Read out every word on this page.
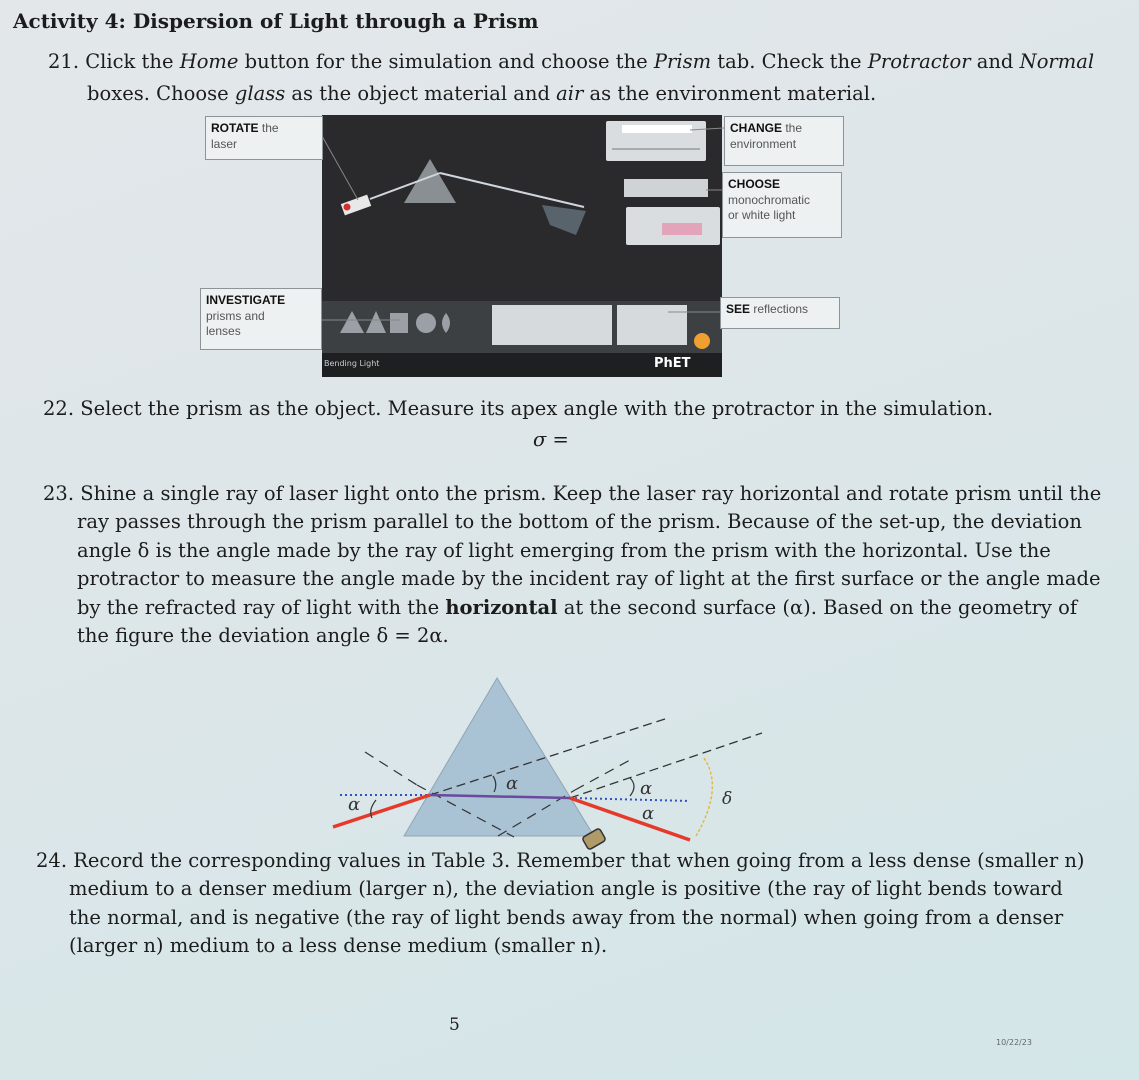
Activity 4: Dispersion of Light through a Prism

21. Click the Home button for the simulation and choose the Prism tab. Check the Protractor and Normal

boxes. Choose glass as the object material and air as the environment material.

Bending Light	PhET
ROTATE the
laser
CHANGE the
environment
CHOOSE
monochromatic
or white light
INVESTIGATE
prisms and
lenses
SEE reflections

22. Select the prism as the object. Measure its apex angle with the protractor in the simulation.

σ =

23. Shine a single ray of laser light onto the prism. Keep the laser ray horizontal and rotate prism until the

ray passes through the prism parallel to the bottom of the prism. Because of the set-up, the deviation

angle δ is the angle made by the ray of light emerging from the prism with the horizontal. Use the

protractor to measure the angle made by the incident ray of light at the first surface or the angle made

by the refracted ray of light with the horizontal at the second surface (α). Based on the geometry of

the figure the deviation angle δ = 2α.

α
α	α
α
δ

24. Record the corresponding values in Table 3. Remember that when going from a less dense (smaller n)

medium to a denser medium (larger n), the deviation angle is positive (the ray of light bends toward

the normal, and is negative (the ray of light bends away from the normal) when going from a denser

(larger n) medium to a less dense medium (smaller n).

5

10/22/23
